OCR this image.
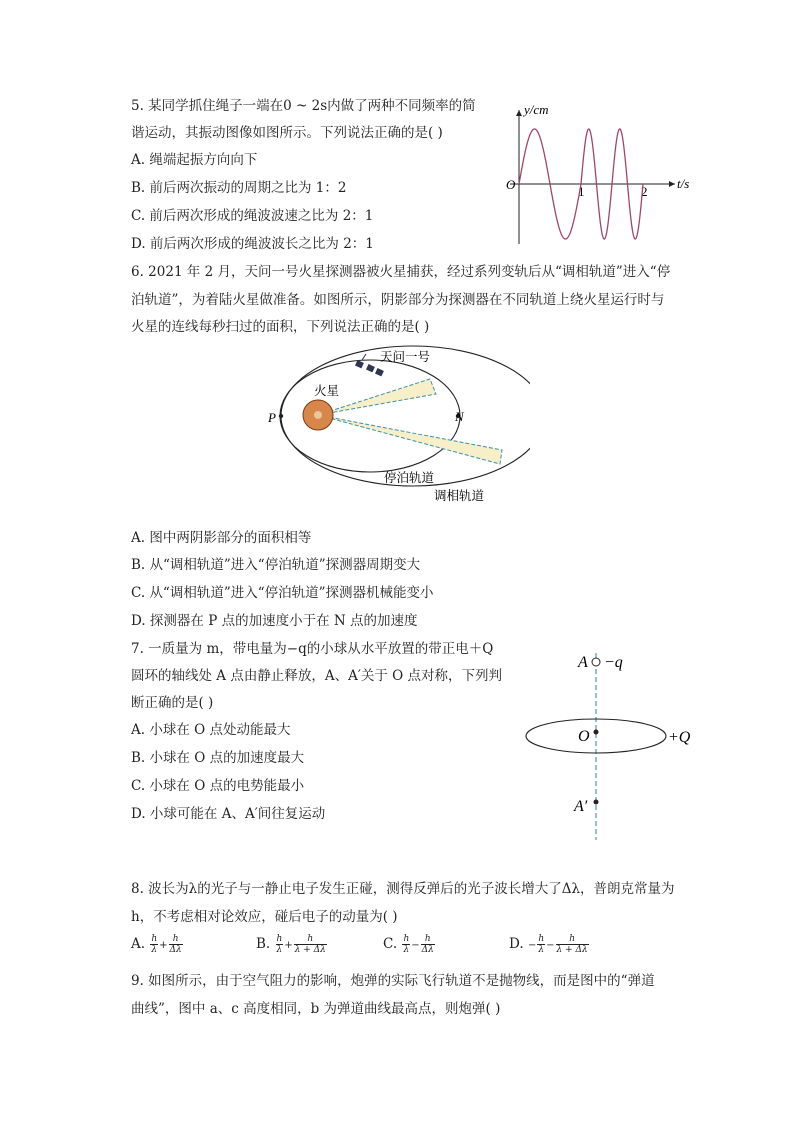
5. 某同学抓住绳子一端在0 ~ 2s内做了两种不同频率的简
谐运动，其振动图像如图所示。下列说法正确的是( )
A. 绳端起振方向向下
B. 前后两次振动的周期之比为 1：2
C. 前后两次形成的绳波波速之比为 2：1
D. 前后两次形成的绳波波长之比为 2：1
y/cm
t/s
O	1	2
6. 2021 年 2 月，天问一号火星探测器被火星捕获，经过系列变轨后从“调相轨道”进入“停
泊轨道”，为着陆火星做准备。如图所示，阴影部分为探测器在不同轨道上绕火星运行时与
火星的连线每秒扫过的面积，下列说法正确的是( )
P	N
天问一号
火星
停泊轨道
调相轨道
A. 图中两阴影部分的面积相等
B. 从“调相轨道”进入“停泊轨道”探测器周期变大
C. 从“调相轨道”进入“停泊轨道”探测器机械能变小
D. 探测器在 P 点的加速度小于在 N 点的加速度
7. 一质量为 m，带电量为−q的小球从水平放置的带正电＋Q
圆环的轴线处 A 点由静止释放，A、A′关于 O 点对称，下列判
断正确的是( )
A. 小球在 O 点处动能最大
B. 小球在 O 点的加速度最大
C. 小球在 O 点的电势能最小
D. 小球可能在 A、A′间往复运动
A −q
O	+Q
A′
8. 波长为λ的光子与一静止电子发生正碰，测得反弹后的光子波长增大了Δλ，普朗克常量为
h，不考虑相对论效应，碰后电子的动量为( )
A. $\frac{h}{\lambda} + \frac{h}{\Delta\lambda}$	B. $\frac{h}{\lambda} + \frac{h}{\lambda + \Delta\lambda}$	C. $\frac{h}{\lambda} - \frac{h}{\Delta\lambda}$	D. − $\frac{h}{\lambda} - \frac{h}{\lambda + \Delta\lambda}$
9. 如图所示，由于空气阻力的影响，炮弹的实际飞行轨道不是抛物线，而是图中的“弹道
曲线”，图中 a、c 高度相同，b 为弹道曲线最高点，则炮弹( )
